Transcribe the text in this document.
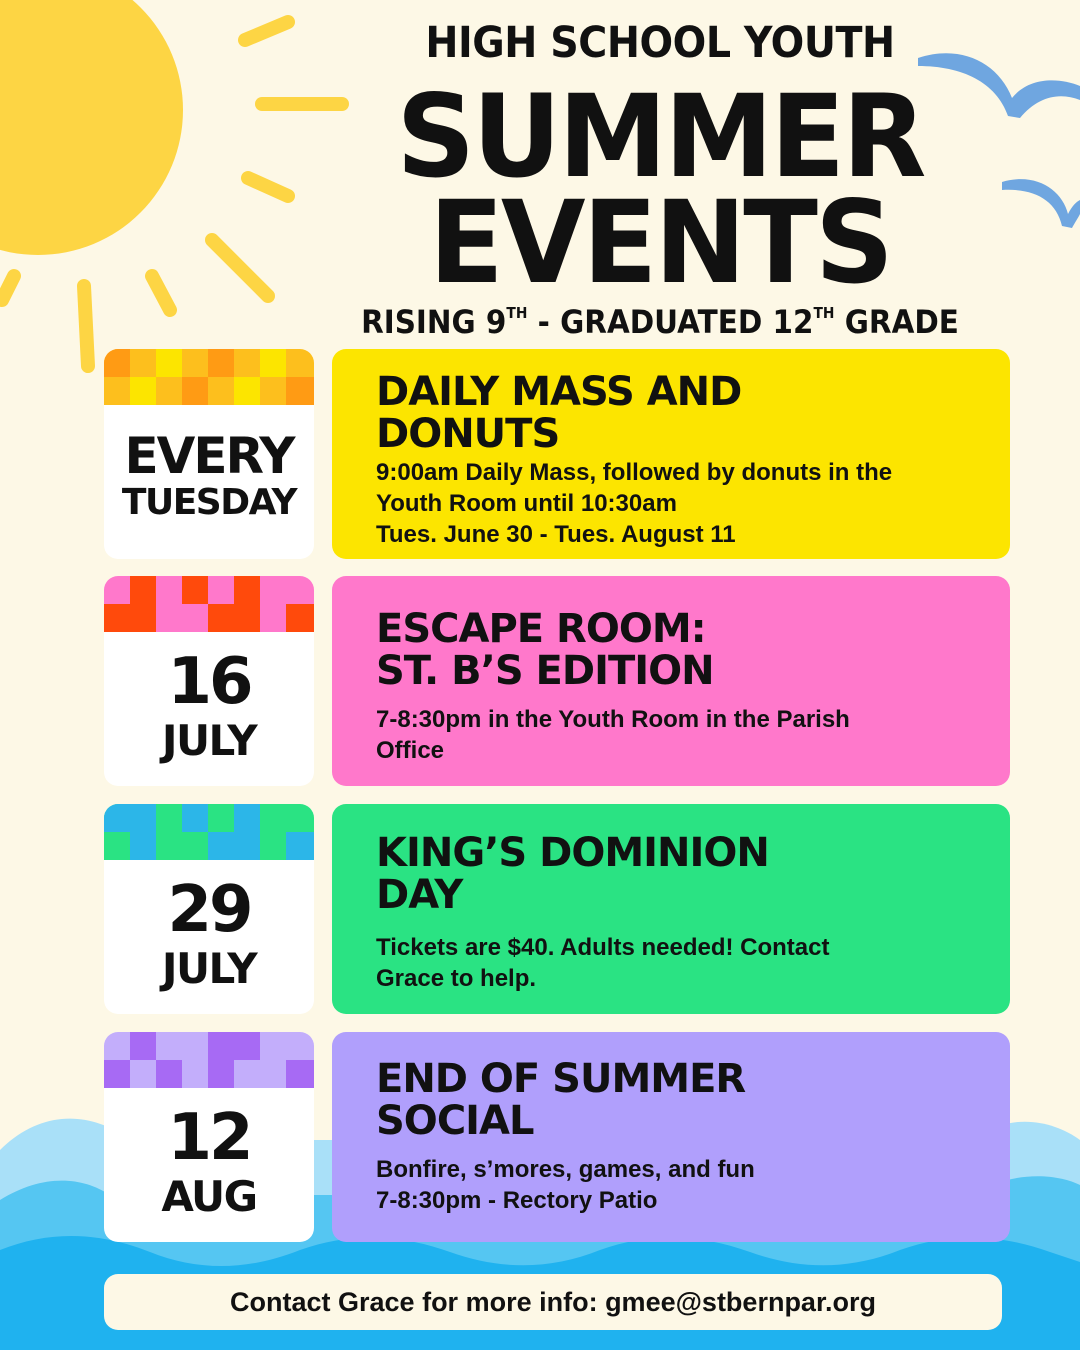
HIGH SCHOOL YOUTH
SUMMER
EVENTS
RISING 9TH - GRADUATED 12TH GRADE
EVERY
TUESDAY
DAILY MASS AND
DONUTS
9:00am Daily Mass, followed by donuts in the
Youth Room until 10:30am
Tues. June 30 - Tues. August 11
16
JULY
ESCAPE ROOM:
ST. B’S EDITION
7-8:30pm in the Youth Room in the Parish
Office
29
JULY
KING’S DOMINION
DAY
Tickets are $40. Adults needed! Contact
Grace to help.
12
AUG
END OF SUMMER
SOCIAL
Bonfire, s’mores, games, and fun
7-8:30pm - Rectory Patio
Contact Grace for more info: gmee@stbernpar.org
